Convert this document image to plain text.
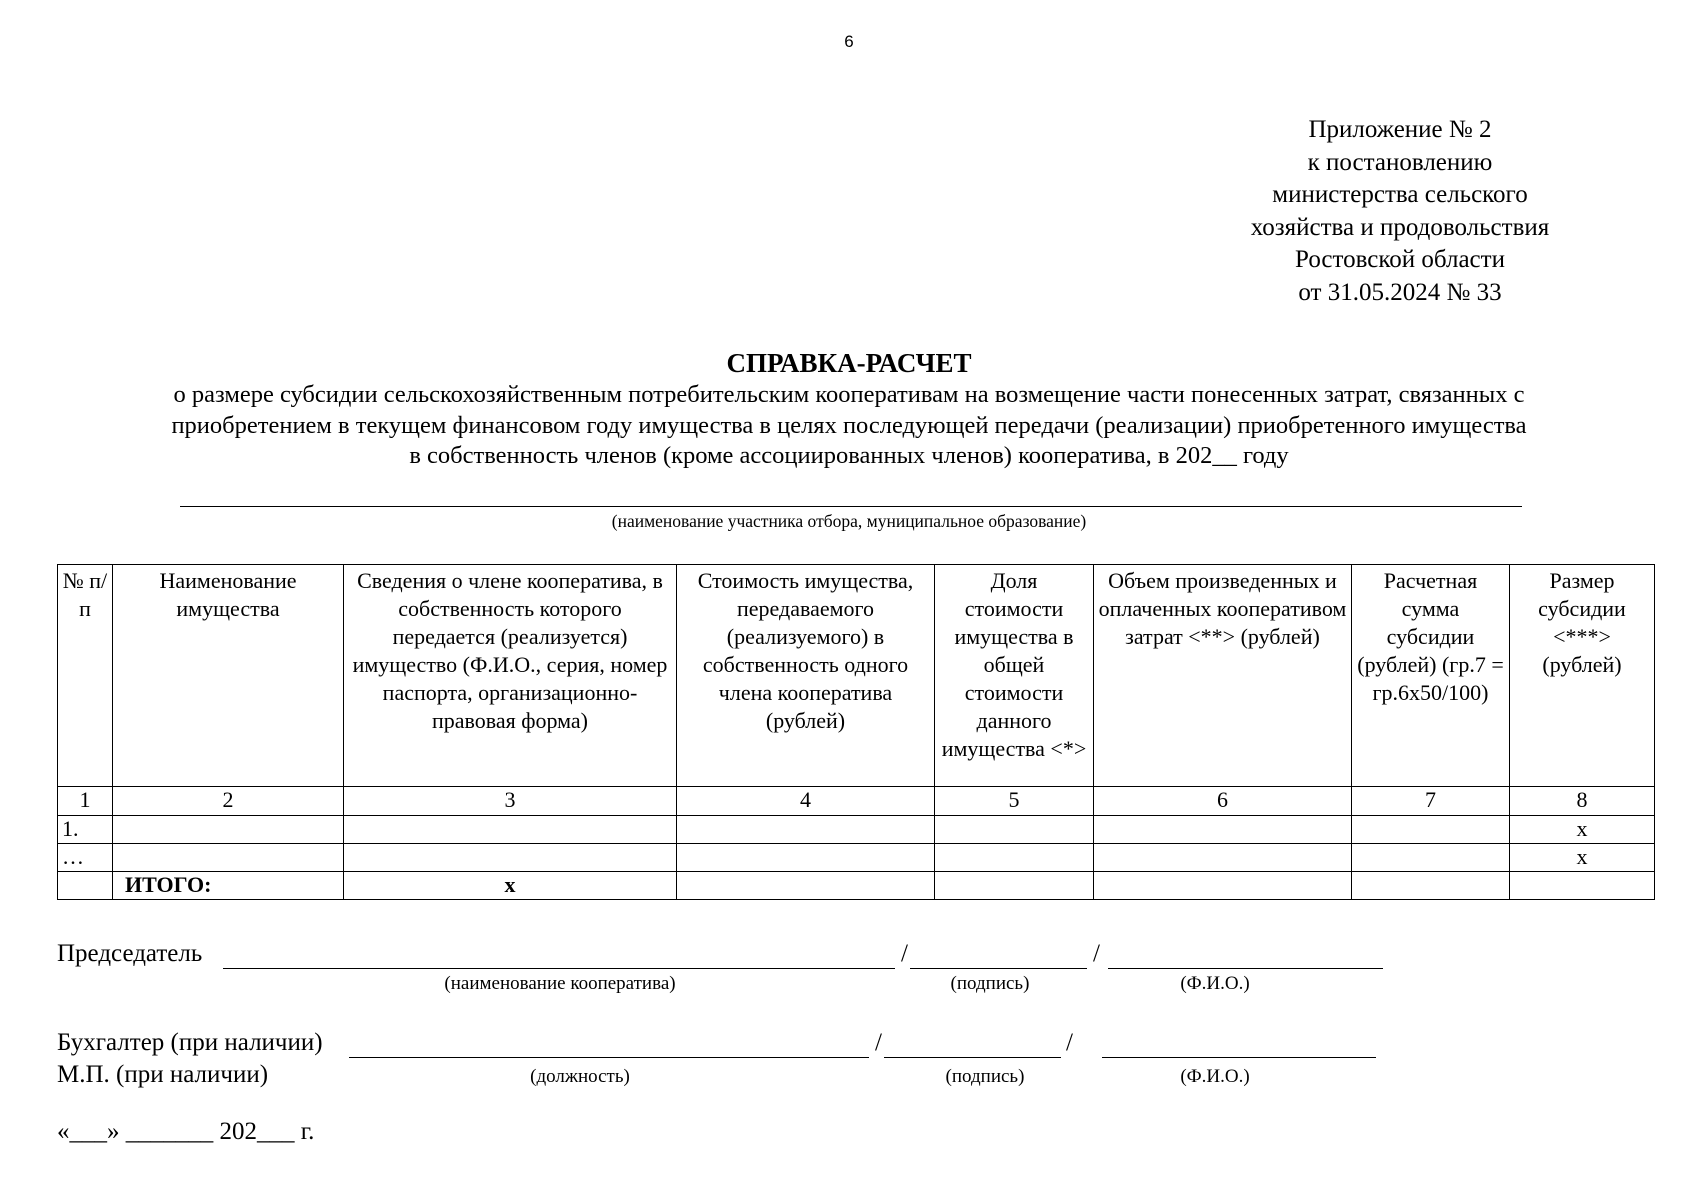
6
Приложение № 2
к постановлению
министерства сельского
хозяйства и продовольствия
Ростовской области
от 31.05.2024 № 33
СПРАВКА-РАСЧЕТ
о размере субсидии сельскохозяйственным потребительским кооперативам на возмещение части понесенных затрат, связанных с
приобретением в текущем финансовом году имущества в целях последующей передачи (реализации) приобретенного имущества
в собственность членов (кроме ассоциированных членов) кооператива, в 202__ году
(наименование участника отбора, муниципальное образование)
№ п/п	Наименование имущества	Сведения о члене кооператива, в собственность которого передается (реализуется) имущество (Ф.И.О., серия, номер паспорта, организационно-правовая форма)	Стоимость имущества, передаваемого (реализуемого) в собственность одного члена кооператива (рублей)	Доля стоимости имущества в общей стоимости данного имущества <*>	Объем произведенных и оплаченных кооперативом затрат <**> (рублей)	Расчетная сумма субсидии (рублей) (гр.7 = гр.6х50/100)	Размер субсидии <***> (рублей)
1	2	3	4	5	6	7	8
1.							х
…							х
	ИТОГО:	х					
Председатель	/	/
(наименование кооператива)	(подпись)	(Ф.И.О.)
Бухгалтер (при наличии)	/	/
М.П. (при наличии)	(должность)	(подпись)	(Ф.И.О.)
«___» _______ 202___ г.
